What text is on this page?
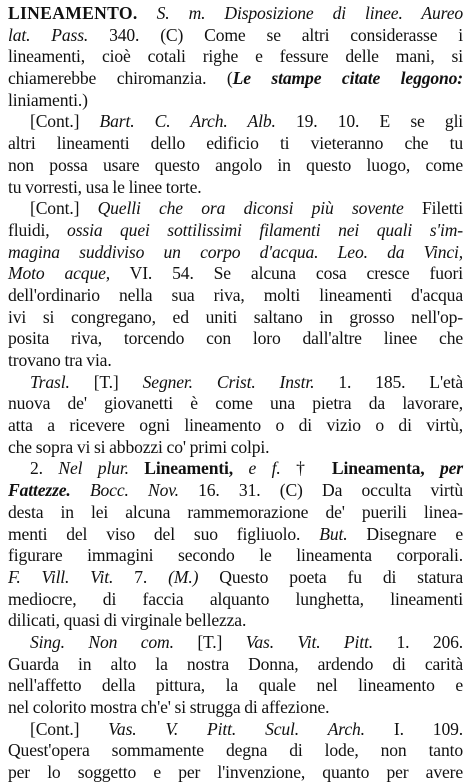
LINEAMENTO. S. m. Disposizione di linee. Aureo
lat. Pass. 340. (C) Come se altri considerasse i
lineamenti, cioè cotali righe e fessure delle mani, si
chiamerebbe chiromanzia. (Le stampe citate leggono:
liniamenti.)
[Cont.] Bart. C. Arch. Alb. 19. 10. E se gli
altri lineamenti dello edificio ti vieteranno che tu
non possa usare questo angolo in questo luogo, come
tu vorresti, usa le linee torte.
[Cont.] Quelli che ora diconsi più sovente Filetti
fluidi, ossia quei sottilissimi filamenti nei quali s'im-
magina suddiviso un corpo d'acqua. Leo. da Vinci,
Moto acque, VI. 54. Se alcuna cosa cresce fuori
dell'ordinario nella sua riva, molti lineamenti d'acqua
ivi si congregano, ed uniti saltano in grosso nell'op-
posita riva, torcendo con loro dall'altre linee che
trovano tra via.
Trasl. [T.] Segner. Crist. Instr. 1. 185. L'età
nuova de' giovanetti è come una pietra da lavorare,
atta a ricevere ogni lineamento o di vizio o di virtù,
che sopra vi si abbozzi co' primi colpi.
2. Nel plur. Lineamenti, e f. † Lineamenta, per
Fattezze. Bocc. Nov. 16. 31. (C) Da occulta virtù
desta in lei alcuna rammemorazione de' puerili linea-
menti del viso del suo figliuolo. But. Disegnare e
figurare immagini secondo le lineamenta corporali.
F. Vill. Vit. 7. (M.) Questo poeta fu di statura
mediocre, di faccia alquanto lunghetta, lineamenti
dilicati, quasi di virginale bellezza.
Sing. Non com. [T.] Vas. Vit. Pitt. 1. 206.
Guarda in alto la nostra Donna, ardendo di carità
nell'affetto della pittura, la quale nel lineamento e
nel colorito mostra ch'e' si strugga di affezione.
[Cont.] Vas. V. Pitt. Scul. Arch. I. 109.
Quest'opera sommamente degna di lode, non tanto
per lo soggetto e per l'invenzione, quanto per avere
